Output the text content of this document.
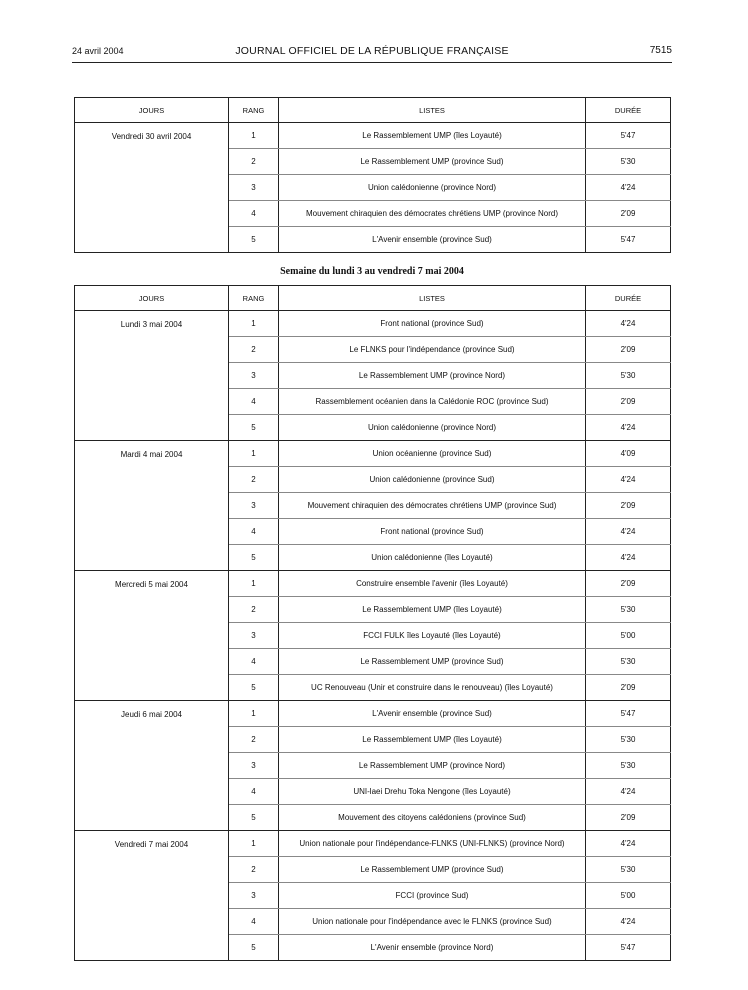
24 avril 2004	JOURNAL OFFICIEL DE LA RÉPUBLIQUE FRANÇAISE	7515
JOURS	RANG	LISTES	DURÉE
Vendredi 30 avril 2004	1	Le Rassemblement UMP (îles Loyauté)	5'47
	2	Le Rassemblement UMP (province Sud)	5'30
	3	Union calédonienne (province Nord)	4'24
	4	Mouvement chiraquien des démocrates chrétiens UMP (province Nord)	2'09
	5	L'Avenir ensemble (province Sud)	5'47
Semaine du lundi 3 au vendredi 7 mai 2004
JOURS	RANG	LISTES	DURÉE
Lundi 3 mai 2004	1	Front national (province Sud)	4'24
	2	Le FLNKS pour l'indépendance (province Sud)	2'09
	3	Le Rassemblement UMP (province Nord)	5'30
	4	Rassemblement océanien dans la Calédonie ROC (province Sud)	2'09
	5	Union calédonienne (province Nord)	4'24
Mardi 4 mai 2004	1	Union océanienne (province Sud)	4'09
	2	Union calédonienne (province Sud)	4'24
	3	Mouvement chiraquien des démocrates chrétiens UMP (province Sud)	2'09
	4	Front national (province Sud)	4'24
	5	Union calédonienne (îles Loyauté)	4'24
Mercredi 5 mai 2004	1	Construire ensemble l'avenir (îles Loyauté)	2'09
	2	Le Rassemblement UMP (îles Loyauté)	5'30
	3	FCCI FULK îles Loyauté (îles Loyauté)	5'00
	4	Le Rassemblement UMP (province Sud)	5'30
	5	UC Renouveau (Unir et construire dans le renouveau) (îles Loyauté)	2'09
Jeudi 6 mai 2004	1	L'Avenir ensemble (province Sud)	5'47
	2	Le Rassemblement UMP (îles Loyauté)	5'30
	3	Le Rassemblement UMP (province Nord)	5'30
	4	UNI-laei Drehu Toka Nengone (îles Loyauté)	4'24
	5	Mouvement des citoyens calédoniens (province Sud)	2'09
Vendredi 7 mai 2004	1	Union nationale pour l'indépendance-FLNKS (UNI-FLNKS) (province Nord)	4'24
	2	Le Rassemblement UMP (province Sud)	5'30
	3	FCCI (province Sud)	5'00
	4	Union nationale pour l'indépendance avec le FLNKS (province Sud)	4'24
	5	L'Avenir ensemble (province Nord)	5'47
